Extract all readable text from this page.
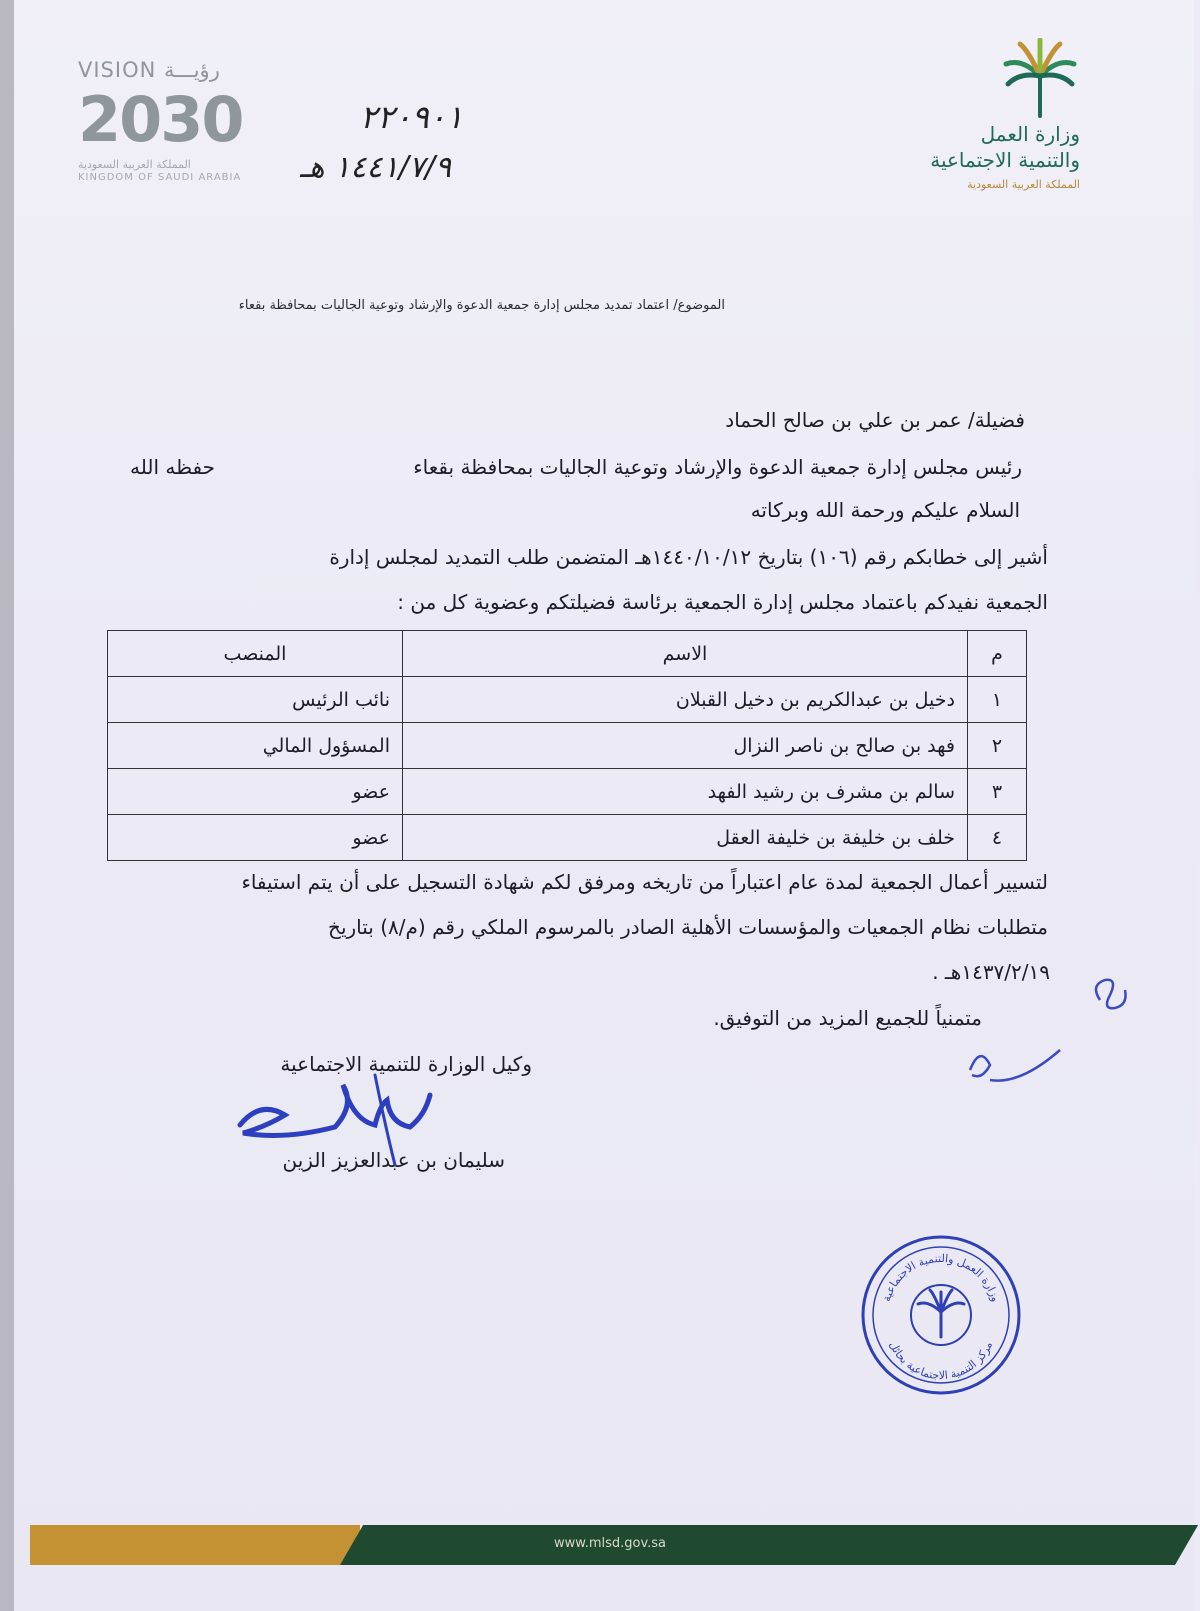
وزارة العمل
والتنمية الاجتماعية
المملكة العربية السعودية
VISION رؤيـــة
2030
المملكة العربية السعودية
KINGDOM OF SAUDI ARABIA
٢٢٠٩٠١
١٤٤١/٧/٩ هـ
الموضوع/ اعتماد تمديد مجلس إدارة جمعية الدعوة والإرشاد وتوعية الجاليات بمحافظة بقعاء
فضيلة/ عمر بن علي بن صالح الحماد
رئيس مجلس إدارة جمعية الدعوة والإرشاد وتوعية الجاليات بمحافظة بقعاء
حفظه الله
السلام عليكم ورحمة الله وبركاته
أشير إلى خطابكم رقم (١٠٦) بتاريخ ١٤٤٠/١٠/١٢هـ المتضمن طلب التمديد لمجلس إدارة
الجمعية نفيدكم باعتماد مجلس إدارة الجمعية برئاسة فضيلتكم وعضوية كل من :
م	الاسم	المنصب
١	دخيل بن عبدالكريم بن دخيل القبلان	نائب الرئيس
٢	فهد بن صالح بن ناصر النزال	المسؤول المالي
٣	سالم بن مشرف بن رشيد الفهد	عضو
٤	خلف بن خليفة بن خليفة العقل	عضو
لتسيير أعمال الجمعية لمدة عام اعتباراً من تاريخه ومرفق لكم شهادة التسجيل على أن يتم استيفاء
متطلبات نظام الجمعيات والمؤسسات الأهلية الصادر بالمرسوم الملكي رقم (م/٨) بتاريخ
١٤٣٧/٢/١٩هـ .
متمنياً للجميع المزيد من التوفيق.
وكيل الوزارة للتنمية الاجتماعية
سليمان بن عبدالعزيز الزين
وزارة العمل والتنمية الاجتماعية
مركز التنمية الاجتماعية بحائل
www.mlsd.gov.sa
